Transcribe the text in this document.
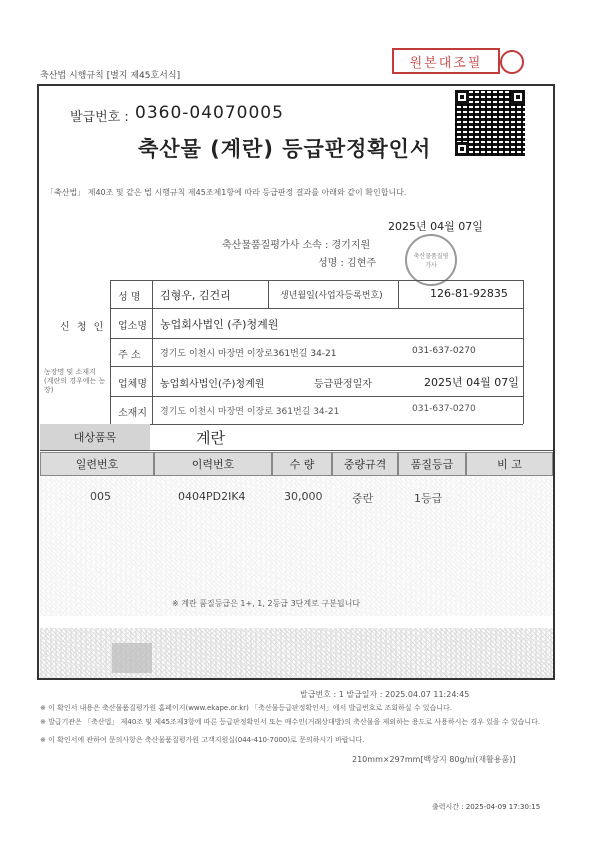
축산법 시행규칙 [별지 제45호서식]
원본대조필
발급번호 : 0360-04070005
축산물 (계란) 등급판정확인서
「축산법」 제40조 및 같은 법 시행규칙 제45조제1항에 따라 등급판정 결과를 아래와 같이 확인합니다.
2025년 04월 07일
축산물품질평가사 소속 : 경기지원
성명 : 김현주
축산물품질평가사
신 청 인
농장명 및 소재지 (계란의 경우에는 농장)
성 명 김형우, 김건리	생년월일(사업자등록번호)	126-81-92835
업소명 농업회사법인 (주)청계원
주 소 경기도 이천시 마장면 이장로361번길 34-21	031-637-0270
업체명 농업회사법인(주)청계원	등급판정일자	2025년 04월 07일
소재지 경기도 이천시 마장면 이장로 361번길 34-21	031-637-0270
대상품목	계란
일련번호	이력번호	수 량	중량규격	품질등급	비 고
005	0404PD2IK4	30,000	중란	1등급
※ 계란 품질등급은 1+, 1, 2등급 3단계로 구분됩니다
발급번호 : 1 발급일자 : 2025.04.07 11:24:45
※ 이 확인서 내용은 축산물품질평가원 홈페이지(www.ekape.or.kr) 「축산물등급판정확인서」에서 발급번호로 조회하실 수 있습니다.
※ 발급기관은 「축산법」 제40조 및 제45조제3항에 따른 등급판정확인서 또는 매수인(거래상대방)의 축산물을 제외하는 용도로 사용하시는 경우 있을 수 있습니다.
※ 이 확인서에 관하여 문의사항은 축산물품질평가원 고객지원실(044-410-7000)로 문의하시기 바랍니다.
210mm×297mm[백상지 80g/㎡(재활용품)]
출력시간 : 2025-04-09 17:30:15
